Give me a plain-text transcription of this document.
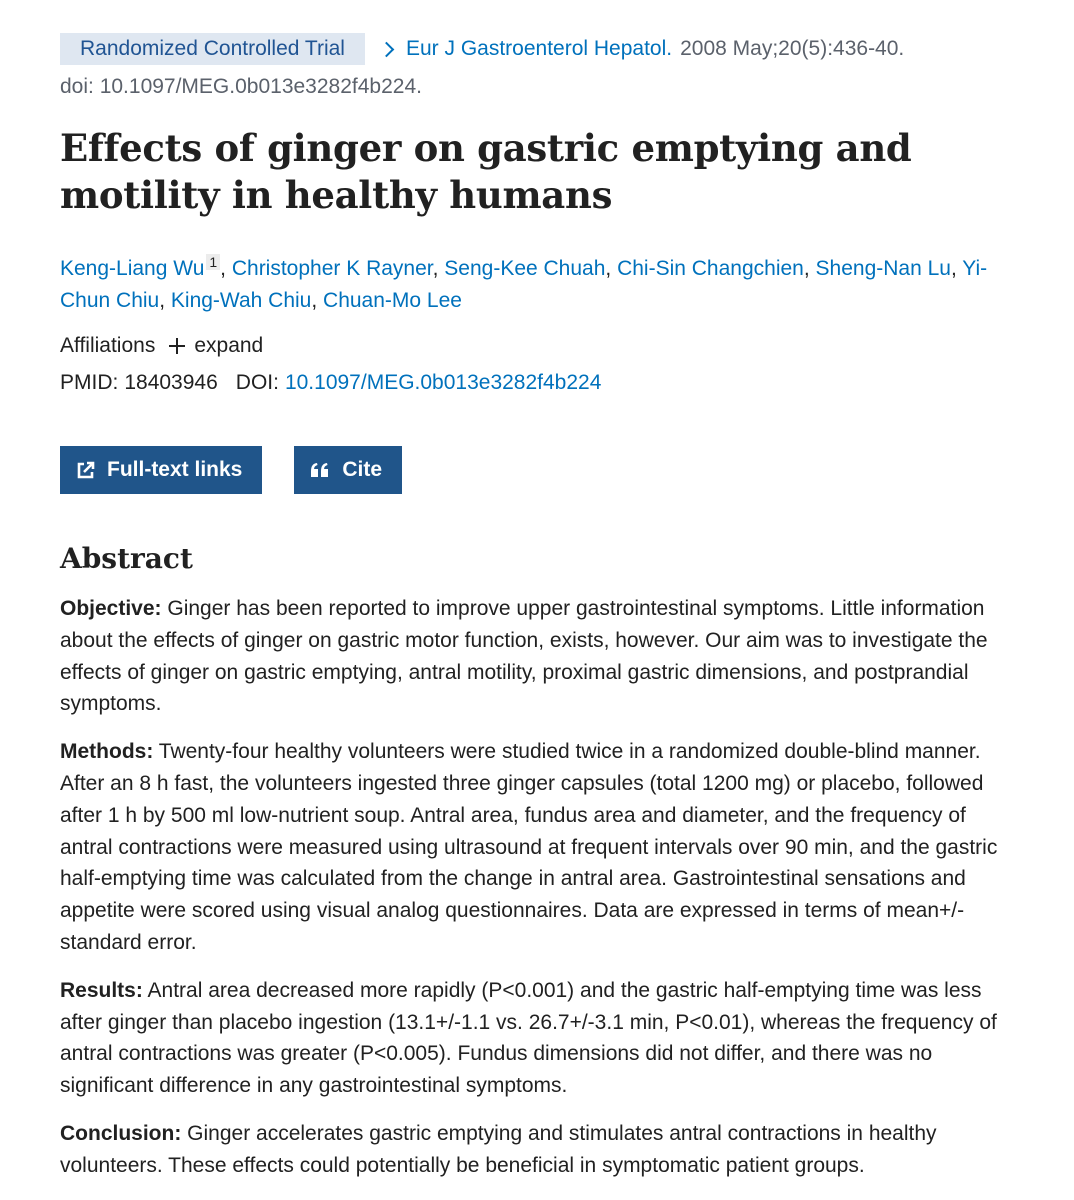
Randomized Controlled Trial	Eur J Gastroenterol Hepatol. 2008 May;20(5):436-40.
doi: 10.1097/MEG.0b013e3282f4b224.
Effects of ginger on gastric emptying and motility in healthy humans
Keng-Liang Wu $^1$ , Christopher K Rayner, Seng-Kee Chuah, Chi-Sin Changchien, Sheng-Nan Lu, Yi-Chun Chiu, King-Wah Chiu, Chuan-Mo Lee
Affiliations expand
PMID: 18403946 DOI: 10.1097/MEG.0b013e3282f4b224
Full-text links	Cite
Abstract

Objective: Ginger has been reported to improve upper gastrointestinal symptoms. Little information about the effects of ginger on gastric motor function, exists, however. Our aim was to investigate the effects of ginger on gastric emptying, antral motility, proximal gastric dimensions, and postprandial symptoms.

Methods: Twenty-four healthy volunteers were studied twice in a randomized double-blind manner. After an 8 h fast, the volunteers ingested three ginger capsules (total 1200 mg) or placebo, followed after 1 h by 500 ml low-nutrient soup. Antral area, fundus area and diameter, and the frequency of antral contractions were measured using ultrasound at frequent intervals over 90 min, and the gastric half-emptying time was calculated from the change in antral area. Gastrointestinal sensations and appetite were scored using visual analog questionnaires. Data are expressed in terms of mean+/-standard error.

Results: Antral area decreased more rapidly (P<0.001) and the gastric half-emptying time was less after ginger than placebo ingestion (13.1+/-1.1 vs. 26.7+/-3.1 min, P<0.01), whereas the frequency of antral contractions was greater (P<0.005). Fundus dimensions did not differ, and there was no significant difference in any gastrointestinal symptoms.

Conclusion: Ginger accelerates gastric emptying and stimulates antral contractions in healthy volunteers. These effects could potentially be beneficial in symptomatic patient groups.
